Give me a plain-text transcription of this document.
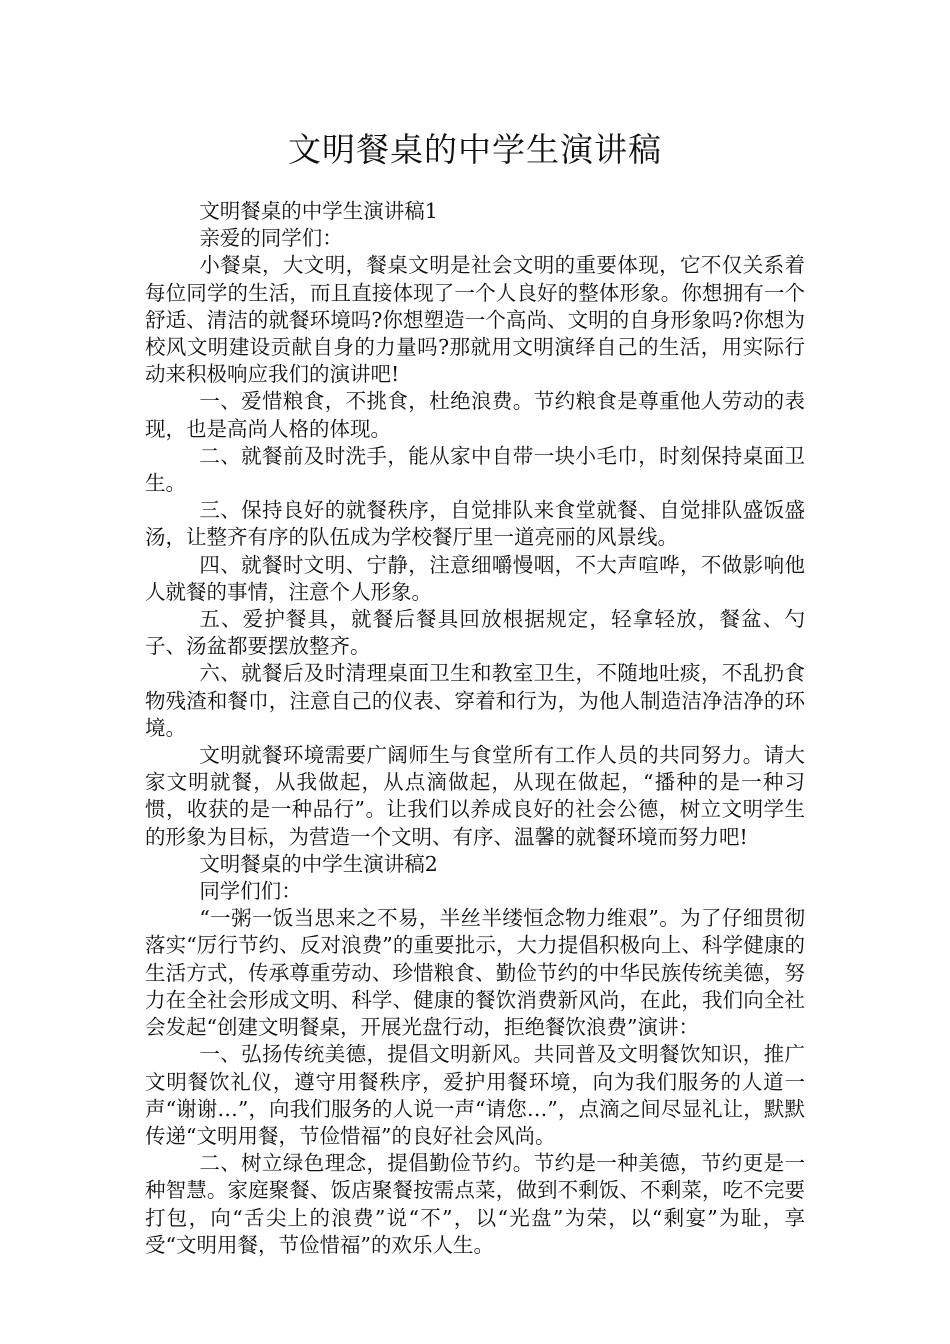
文明餐桌的中学生演讲稿

文明餐桌的中学生演讲稿1

亲爱的同学们：

小餐桌，大文明，餐桌文明是社会文明的重要体现，它不仅关系着每位同学的生活，而且直接体现了一个人良好的整体形象。你想拥有一个舒适、清洁的就餐环境吗?你想塑造一个高尚、文明的自身形象吗?你想为校风文明建设贡献自身的力量吗?那就用文明演绎自己的生活，用实际行动来积极响应我们的演讲吧!

一、爱惜粮食，不挑食，杜绝浪费。节约粮食是尊重他人劳动的表现，也是高尚人格的体现。

二、就餐前及时洗手，能从家中自带一块小毛巾，时刻保持桌面卫生。

三、保持良好的就餐秩序，自觉排队来食堂就餐、自觉排队盛饭盛汤，让整齐有序的队伍成为学校餐厅里一道亮丽的风景线。

四、就餐时文明、宁静，注意细嚼慢咽，不大声喧哗，不做影响他人就餐的事情，注意个人形象。

五、爱护餐具，就餐后餐具回放根据规定，轻拿轻放，餐盆、勺子、汤盆都要摆放整齐。

六、就餐后及时清理桌面卫生和教室卫生，不随地吐痰，不乱扔食物残渣和餐巾，注意自己的仪表、穿着和行为，为他人制造洁净洁净的环境。

文明就餐环境需要广阔师生与食堂所有工作人员的共同努力。请大家文明就餐，从我做起，从点滴做起，从现在做起，“播种的是一种习惯，收获的是一种品行”。让我们以养成良好的社会公德，树立文明学生的形象为目标，为营造一个文明、有序、温馨的就餐环境而努力吧!

文明餐桌的中学生演讲稿2

同学们们：

“一粥一饭当思来之不易，半丝半缕恒念物力维艰”。为了仔细贯彻落实“厉行节约、反对浪费”的重要批示，大力提倡积极向上、科学健康的生活方式，传承尊重劳动、珍惜粮食、勤俭节约的中华民族传统美德，努力在全社会形成文明、科学、健康的餐饮消费新风尚，在此，我们向全社会发起“创建文明餐桌，开展光盘行动，拒绝餐饮浪费”演讲：

一、弘扬传统美德，提倡文明新风。共同普及文明餐饮知识，推广文明餐饮礼仪，遵守用餐秩序，爱护用餐环境，向为我们服务的人道一声“谢谢…”，向我们服务的人说一声“请您…”，点滴之间尽显礼让，默默传递“文明用餐，节俭惜福”的良好社会风尚。

二、树立绿色理念，提倡勤俭节约。节约是一种美德，节约更是一种智慧。家庭聚餐、饭店聚餐按需点菜，做到不剩饭、不剩菜，吃不完要打包，向“舌尖上的浪费”说“不”，以“光盘”为荣，以“剩宴”为耻，享受“文明用餐，节俭惜福”的欢乐人生。
